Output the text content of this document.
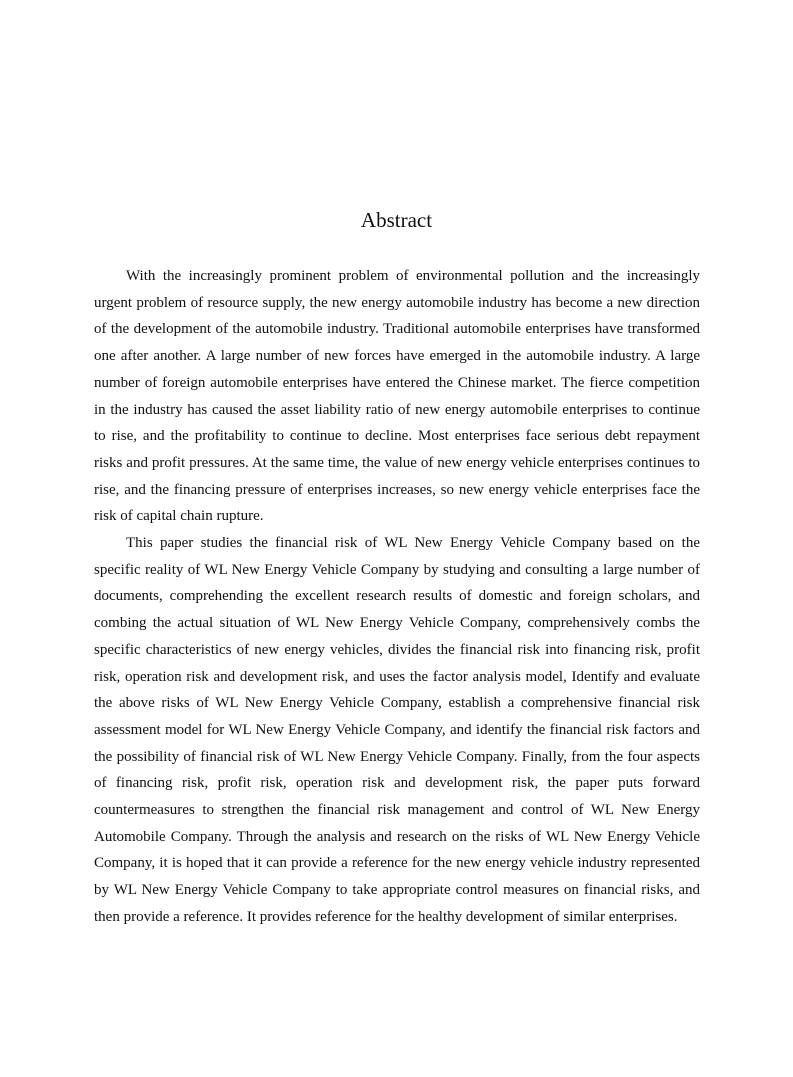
Abstract

With the increasingly prominent problem of environmental pollution and the increasingly urgent problem of resource supply, the new energy automobile industry has become a new direction of the development of the automobile industry. Traditional automobile enterprises have transformed one after another. A large number of new forces have emerged in the automobile industry. A large number of foreign automobile enterprises have entered the Chinese market. The fierce competition in the industry has caused the asset liability ratio of new energy automobile enterprises to continue to rise, and the profitability to continue to decline. Most enterprises face serious debt repayment risks and profit pressures. At the same time, the value of new energy vehicle enterprises continues to rise, and the financing pressure of enterprises increases, so new energy vehicle enterprises face the risk of capital chain rupture.

This paper studies the financial risk of WL New Energy Vehicle Company based on the specific reality of WL New Energy Vehicle Company by studying and consulting a large number of documents, comprehending the excellent research results of domestic and foreign scholars, and combing the actual situation of WL New Energy Vehicle Company, comprehensively combs the specific characteristics of new energy vehicles, divides the financial risk into financing risk, profit risk, operation risk and development risk, and uses the factor analysis model, Identify and evaluate the above risks of WL New Energy Vehicle Company, establish a comprehensive financial risk assessment model for WL New Energy Vehicle Company, and identify the financial risk factors and the possibility of financial risk of WL New Energy Vehicle Company. Finally, from the four aspects of financing risk, profit risk, operation risk and development risk, the paper puts forward countermeasures to strengthen the financial risk management and control of WL New Energy Automobile Company. Through the analysis and research on the risks of WL New Energy Vehicle Company, it is hoped that it can provide a reference for the new energy vehicle industry represented by WL New Energy Vehicle Company to take appropriate control measures on financial risks, and then provide a reference. It provides reference for the healthy development of similar enterprises.
